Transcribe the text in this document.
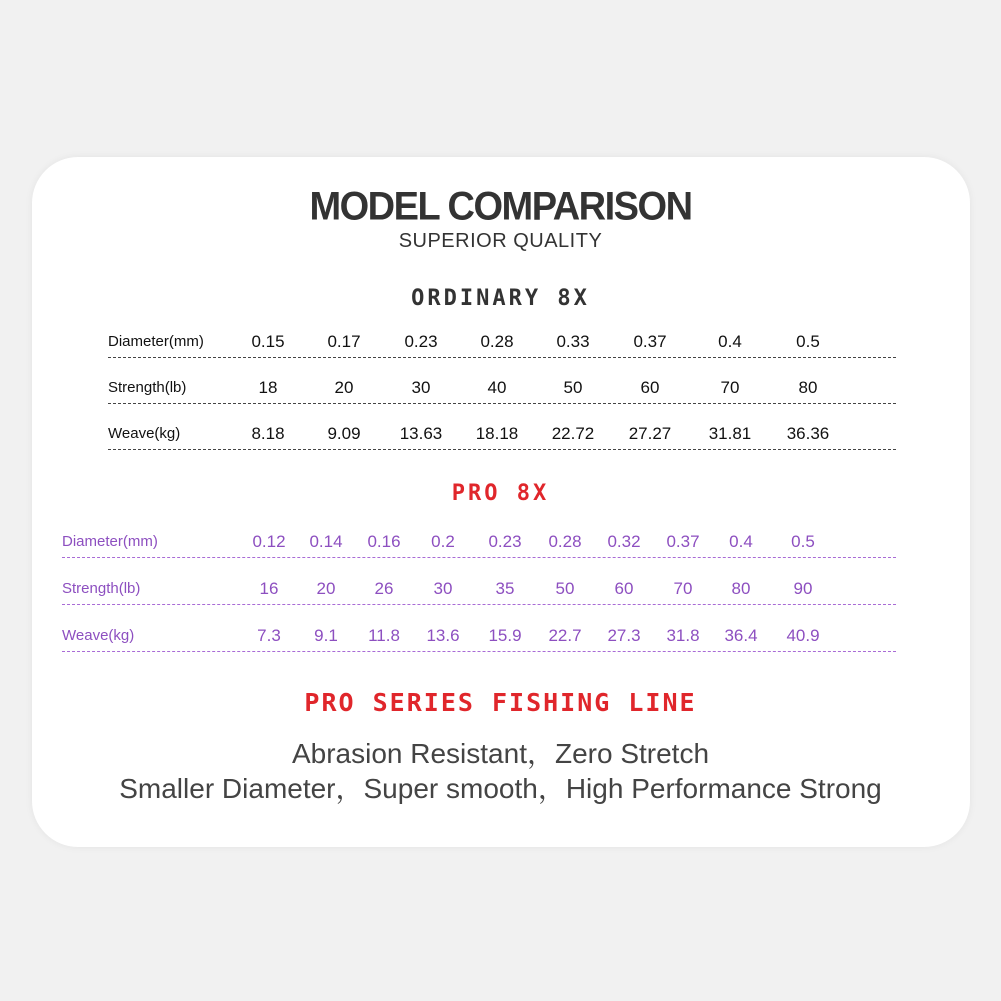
MODEL COMPARISON
SUPERIOR QUALITY
ORDINARY 8X
Diameter(mm)	0.15	0.17	0.23	0.28	0.33	0.37	0.4	0.5
Strength(lb)	18	20	30	40	50	60	70	80
Weave(kg)	8.18	9.09	13.63	18.18	22.72	27.27	31.81	36.36
PRO 8X
Diameter(mm)	0.12	0.14	0.16	0.2	0.23	0.28	0.32	0.37	0.4	0.5
Strength(lb)	16	20	26	30	35	50	60	70	80	90
Weave(kg)	7.3	9.1	11.8	13.6	15.9	22.7	27.3	31.8	36.4	40.9
PRO SERIES FISHING LINE
Abrasion Resistant，Zero Stretch
Smaller Diameter，Super smooth，High Performance Strong
